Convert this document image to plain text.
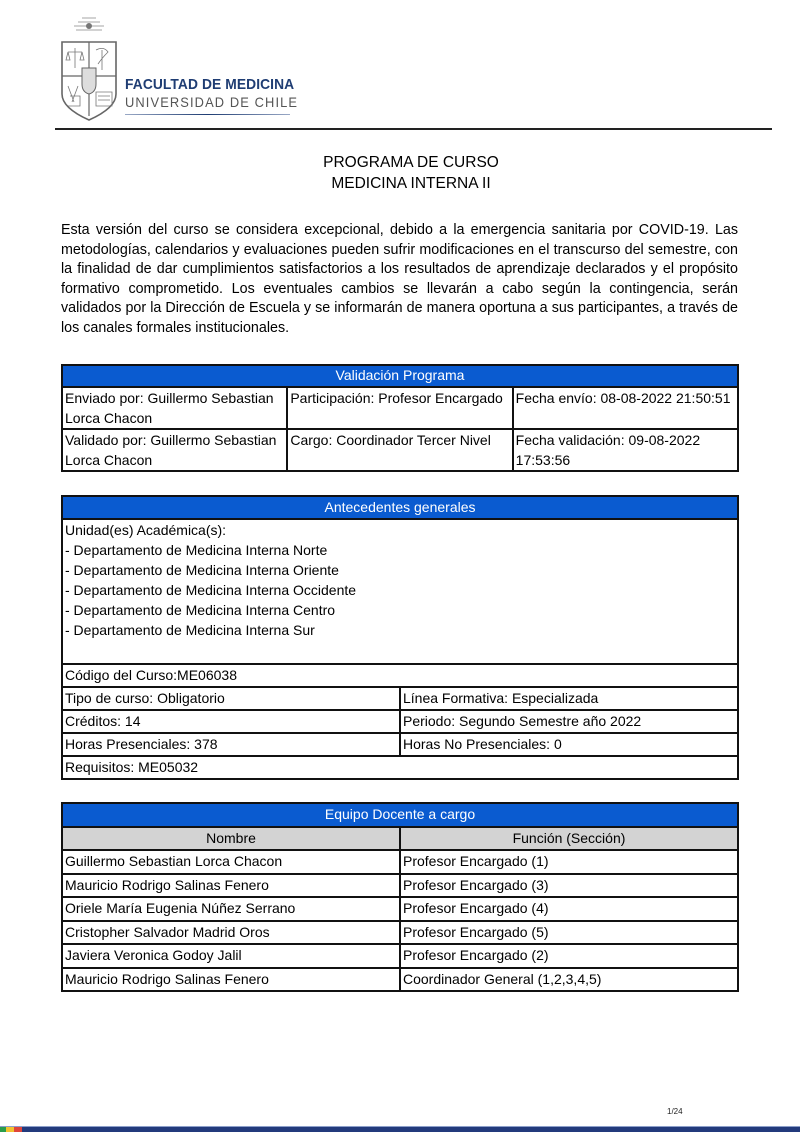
FACULTAD DE MEDICINA
UNIVERSIDAD DE CHILE
PROGRAMA DE CURSO
MEDICINA INTERNA II
Esta versión del curso se considera excepcional, debido a la emergencia sanitaria por COVID-19. Las metodologías, calendarios y evaluaciones pueden sufrir modificaciones en el transcurso del semestre, con la finalidad de dar cumplimientos satisfactorios a los resultados de aprendizaje declarados y el propósito formativo comprometido. Los eventuales cambios se llevarán a cabo según la contingencia, serán validados por la Dirección de Escuela y se informarán de manera oportuna a sus participantes, a través de los canales formales institucionales.
Validación Programa		
Enviado por: Guillermo Sebastian Lorca Chacon	Participación: Profesor Encargado	Fecha envío: 08-08-2022 21:50:51
Validado por: Guillermo Sebastian Lorca Chacon	Cargo: Coordinador Tercer Nivel	Fecha validación: 09-08-2022 17:53:56
Antecedentes generales	

Unidad(es) Académica(s):
- Departamento de Medicina Interna Norte
- Departamento de Medicina Interna Oriente
- Departamento de Medicina Interna Occidente
- Departamento de Medicina Interna Centro
- Departamento de Medicina Interna Sur

Código del Curso:ME06038	
Tipo de curso: Obligatorio	Línea Formativa: Especializada
Créditos: 14	Periodo: Segundo Semestre año 2022
Horas Presenciales: 378	Horas No Presenciales: 0
Requisitos: ME05032	
Equipo Docente a cargo	
Nombre	Función (Sección)
Guillermo Sebastian Lorca Chacon	Profesor Encargado (1)
Mauricio Rodrigo Salinas Fenero	Profesor Encargado (3)
Oriele María Eugenia Núñez Serrano	Profesor Encargado (4)
Cristopher Salvador Madrid Oros	Profesor Encargado (5)
Javiera Veronica Godoy Jalil	Profesor Encargado (2)
Mauricio Rodrigo Salinas Fenero	Coordinador General (1,2,3,4,5)
1/24
